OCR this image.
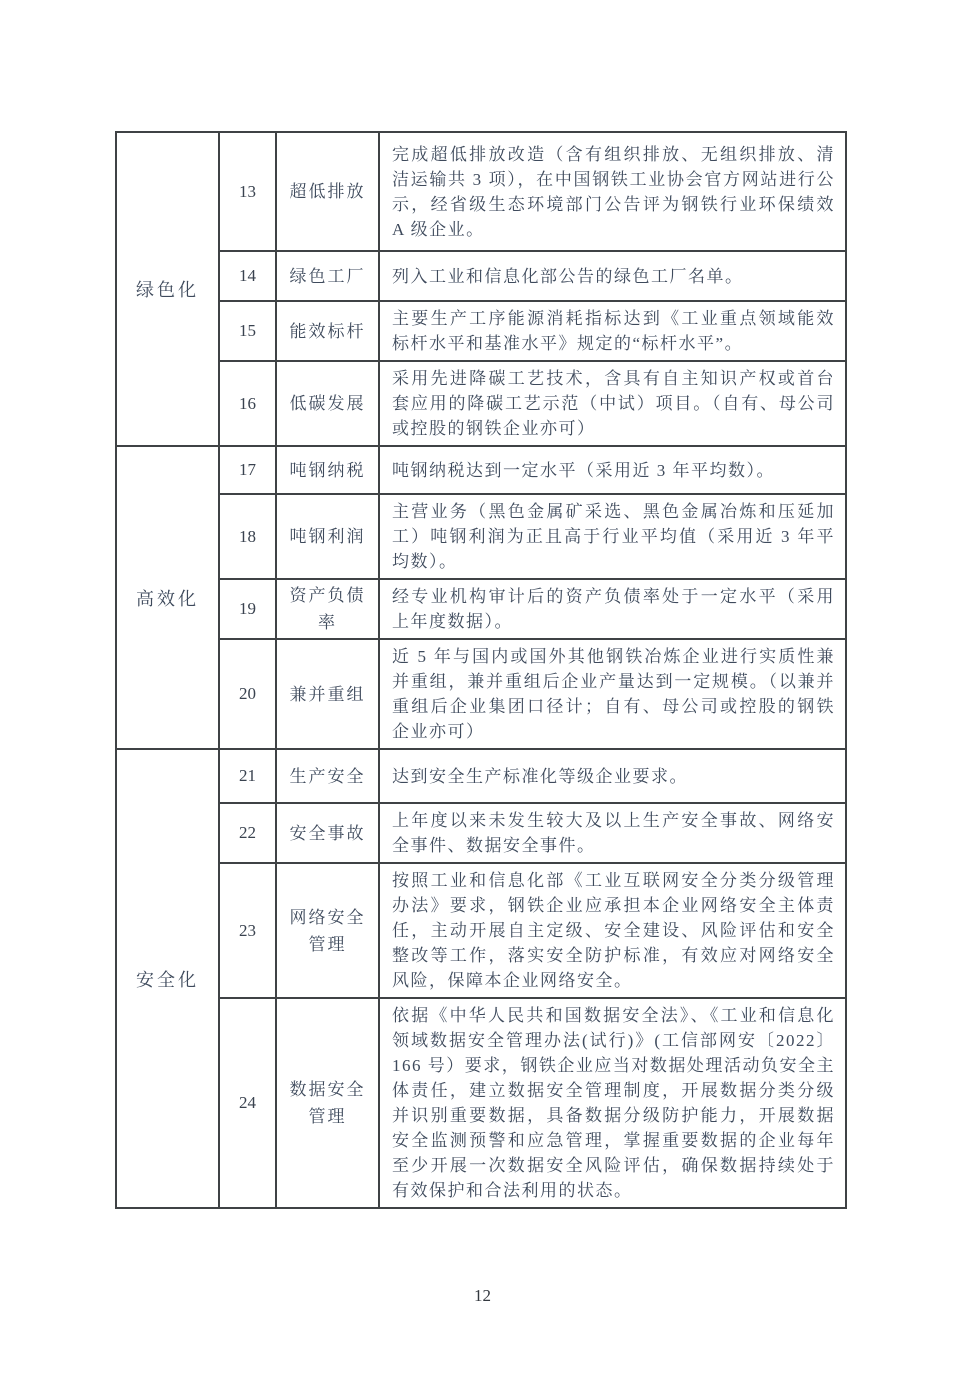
绿色化	13	超低排放	完成超低排放改造（含有组织排放、无组织排放、清洁运输共 3 项），在中国钢铁工业协会官方网站进行公示，经省级生态环境部门公告评为钢铁行业环保绩效 A 级企业。
	14	绿色工厂	列入工业和信息化部公告的绿色工厂名单。
	15	能效标杆	主要生产工序能源消耗指标达到《工业重点领域能效标杆水平和基准水平》规定的“标杆水平”。
	16	低碳发展	采用先进降碳工艺技术，含具有自主知识产权或首台套应用的降碳工艺示范（中试）项目。（自有、母公司或控股的钢铁企业亦可）
高效化	17	吨钢纳税	吨钢纳税达到一定水平（采用近 3 年平均数）。
	18	吨钢利润	主营业务（黑色金属矿采选、黑色金属冶炼和压延加工）吨钢利润为正且高于行业平均值（采用近 3 年平均数）。
	19	资产负债率	经专业机构审计后的资产负债率处于一定水平（采用上年度数据）。
	20	兼并重组	近 5 年与国内或国外其他钢铁冶炼企业进行实质性兼并重组，兼并重组后企业产量达到一定规模。（以兼并重组后企业集团口径计；自有、母公司或控股的钢铁企业亦可）
安全化	21	生产安全	达到安全生产标准化等级企业要求。
	22	安全事故	上年度以来未发生较大及以上生产安全事故、网络安全事件、数据安全事件。
	23	网络安全管理	按照工业和信息化部《工业互联网安全分类分级管理办法》要求，钢铁企业应承担本企业网络安全主体责任，主动开展自主定级、安全建设、风险评估和安全整改等工作，落实安全防护标准，有效应对网络安全风险，保障本企业网络安全。
	24	数据安全管理	依据《中华人民共和国数据安全法》、《工业和信息化领域数据安全管理办法(试行)》(工信部网安〔2022〕166 号）要求，钢铁企业应当对数据处理活动负安全主体责任，建立数据安全管理制度，开展数据分类分级并识别重要数据，具备数据分级防护能力，开展数据安全监测预警和应急管理，掌握重要数据的企业每年至少开展一次数据安全风险评估，确保数据持续处于有效保护和合法利用的状态。
12
